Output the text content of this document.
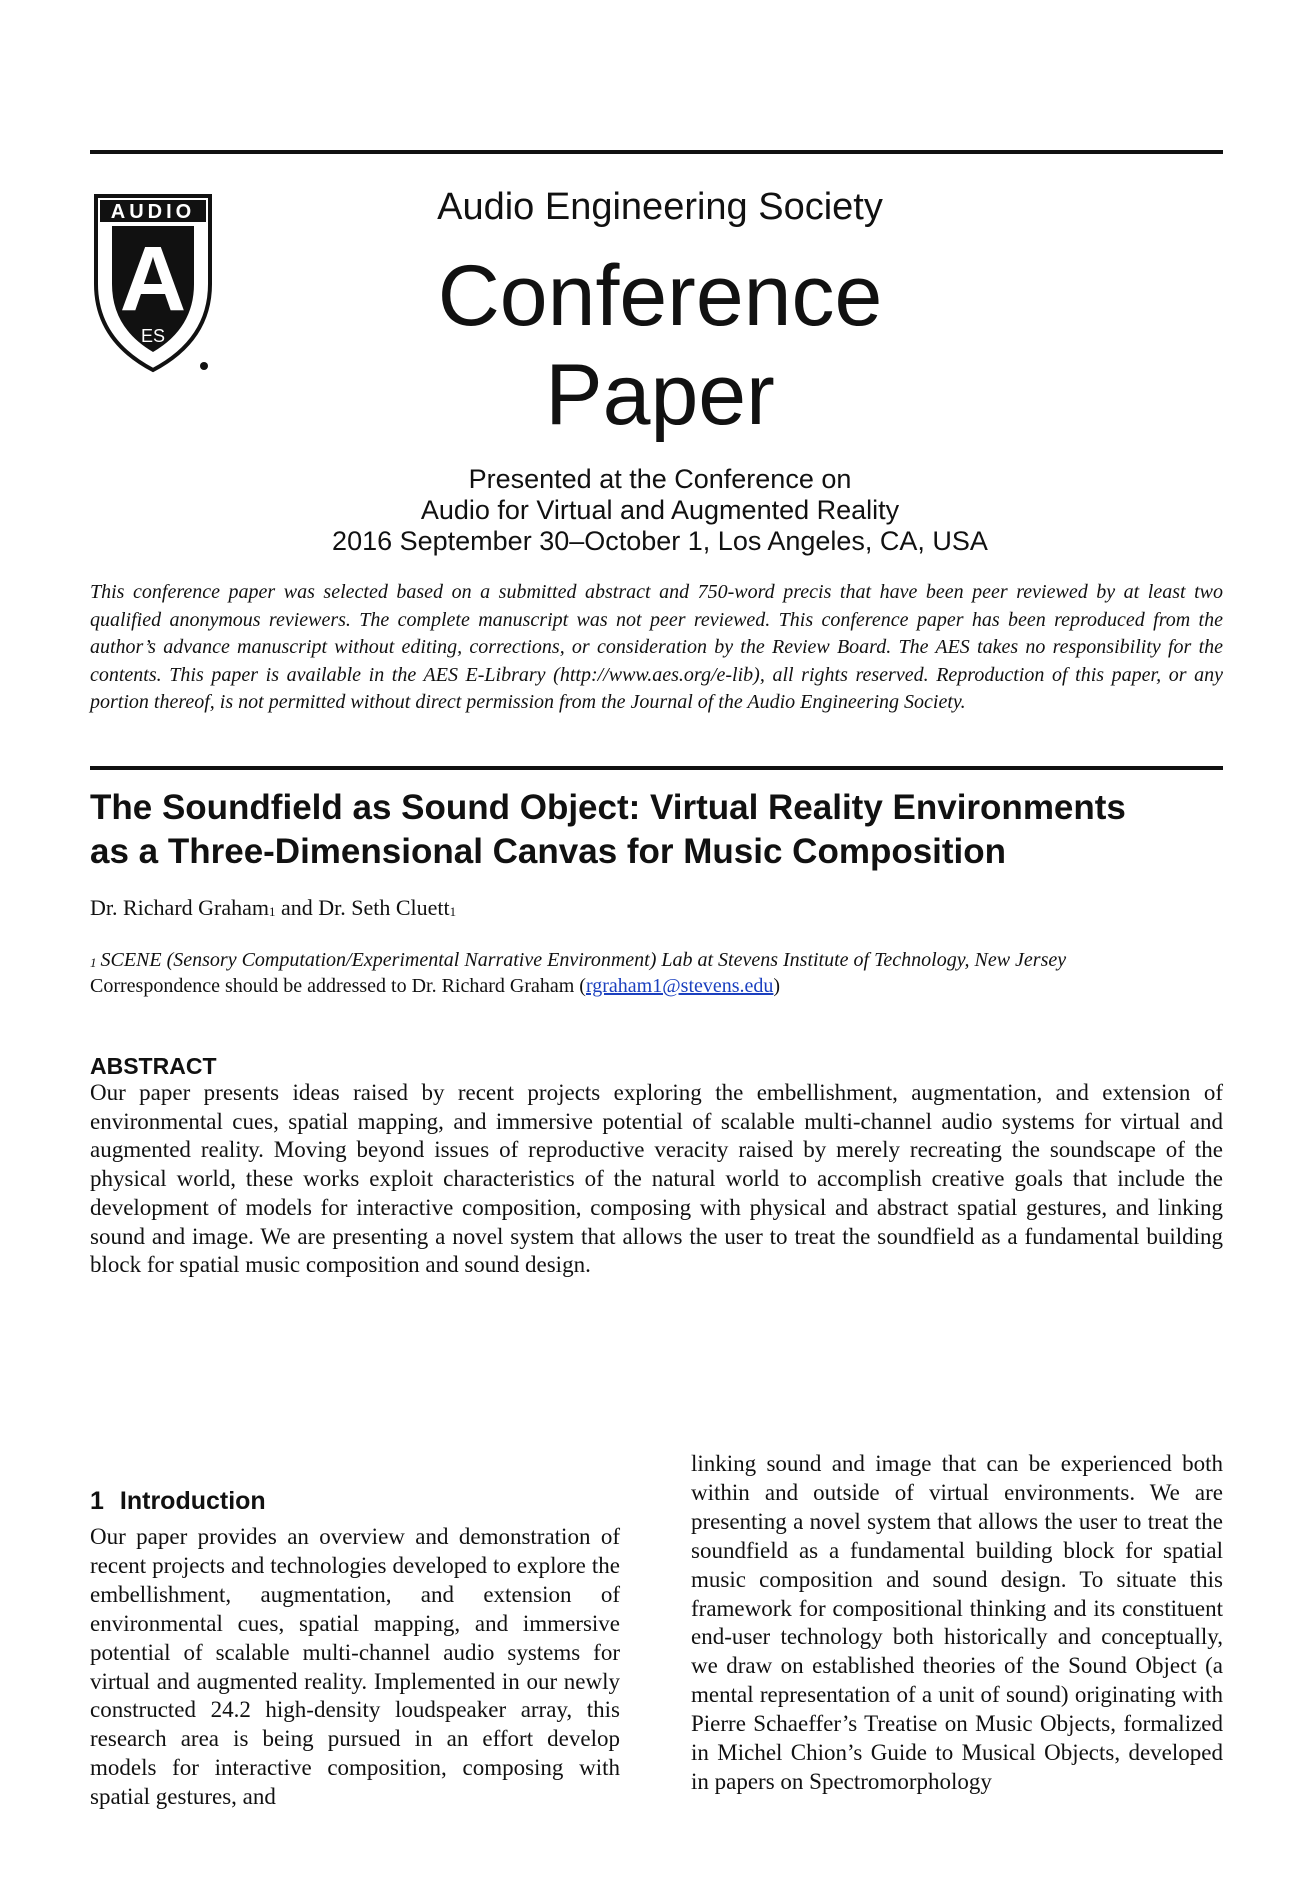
AUDIO
A
ES
Audio Engineering Society
Conference
Paper
Presented at the Conference on
Audio for Virtual and Augmented Reality
2016 September 30–October 1, Los Angeles, CA, USA
This conference paper was selected based on a submitted abstract and 750-word precis that have been peer reviewed by at least two qualified anonymous reviewers. The complete manuscript was not peer reviewed. This conference paper has been reproduced from the author’s advance manuscript without editing, corrections, or consideration by the Review Board. The AES takes no responsibility for the contents. This paper is available in the AES E-Library (http://www.aes.org/e-lib), all rights reserved. Reproduction of this paper, or any portion thereof, is not permitted without direct permission from the Journal of the Audio Engineering Society.
The Soundfield as Sound Object: Virtual Reality Environments
as a Three-Dimensional Canvas for Music Composition
Dr. Richard Graham1 and Dr. Seth Cluett1
1 SCENE (Sensory Computation/Experimental Narrative Environment) Lab at Stevens Institute of Technology, New Jersey
Correspondence should be addressed to Dr. Richard Graham (rgraham1@stevens.edu)
ABSTRACT
Our paper presents ideas raised by recent projects exploring the embellishment, augmentation, and extension of environmental cues, spatial mapping, and immersive potential of scalable multi-channel audio systems for virtual and augmented reality. Moving beyond issues of reproductive veracity raised by merely recreating the soundscape of the physical world, these works exploit characteristics of the natural world to accomplish creative goals that include the development of models for interactive composition, composing with physical and abstract spatial gestures, and linking sound and image. We are presenting a novel system that allows the user to treat the soundfield as a fundamental building block for spatial music composition and sound design.
1 Introduction
Our paper provides an overview and demonstration of recent projects and technologies developed to explore the embellishment, augmentation, and extension of environmental cues, spatial mapping, and immersive potential of scalable multi-channel audio systems for virtual and augmented reality. Implemented in our newly constructed 24.2 high-density loudspeaker array, this research area is being pursued in an effort develop models for interactive composition, composing with spatial gestures, and
linking sound and image that can be experienced both within and outside of virtual environments. We are presenting a novel system that allows the user to treat the soundfield as a fundamental building block for spatial music composition and sound design. To situate this framework for compositional thinking and its constituent end-user technology both historically and conceptually, we draw on established theories of the Sound Object (a mental representation of a unit of sound) originating with Pierre Schaeffer’s Treatise on Music Objects, formalized in Michel Chion’s Guide to Musical Objects, developed in papers on Spectromorphology
